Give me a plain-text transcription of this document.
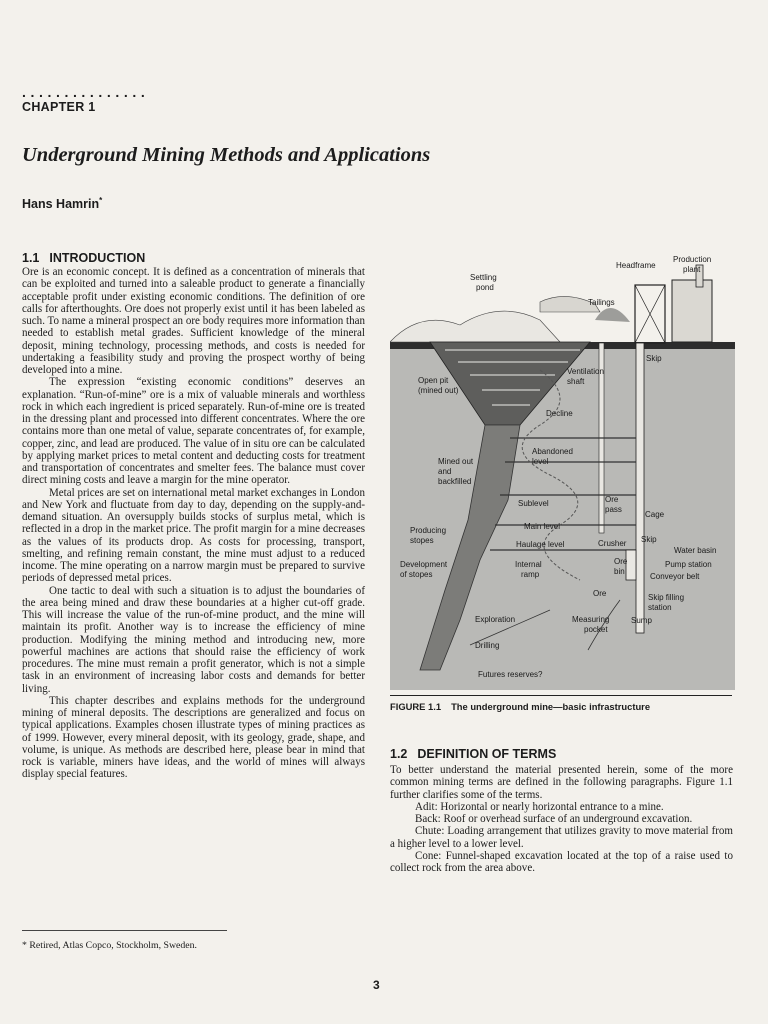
...............
CHAPTER 1
Underground Mining Methods and Applications
Hans Hamrin*
1.1 INTRODUCTION

Ore is an economic concept. It is defined as a concentration of minerals that can be exploited and turned into a saleable product to generate a financially acceptable profit under existing economic conditions. The definition of ore calls for afterthoughts. Ore does not properly exist until it has been labeled as such. To name a mineral prospect an ore body requires more information than needed to establish metal grades. Sufficient knowledge of the mineral deposit, mining technology, processing methods, and costs is needed for undertaking a feasibility study and proving the prospect worthy of being developed into a mine.

The expression “existing economic conditions” deserves an explanation. “Run-of-mine” ore is a mix of valuable minerals and worthless rock in which each ingredient is priced separately. Run-of-mine ore is treated in the dressing plant and processed into different concentrates. Where the ore contains more than one metal of value, separate concentrates of, for example, copper, zinc, and lead are produced. The value of in situ ore can be calculated by applying market prices to metal content and deducting costs for treatment and transportation of concentrates and smelter fees. The balance must cover direct mining costs and leave a margin for the mine operator.

Metal prices are set on international metal market exchanges in London and New York and fluctuate from day to day, depending on the supply-and-demand situation. An oversupply builds stocks of surplus metal, which is reflected in a drop in the market price. The profit margin for a mine decreases as the values of its products drop. As costs for processing, transport, smelting, and refining remain constant, the mine must adjust to a reduced income. The mine operating on a narrow margin must be prepared to survive periods of depressed metal prices.

One tactic to deal with such a situation is to adjust the boundaries of the area being mined and draw these boundaries at a higher cut-off grade. This will increase the value of the run-of-mine product, and the mine will maintain its profit. Another way is to increase the efficiency of mine production. Modifying the mining method and introducing new, more powerful machines are actions that should raise the efficiency of work procedures. The mine must remain a profit generator, which is not a simple task in an environment of increasing labor costs and demands for better living.

This chapter describes and explains methods for the underground mining of mineral deposits. The descriptions are generalized and focus on typical applications. Examples chosen illustrate types of mining practices as of 1999. However, every mineral deposit, with its geology, grade, shape, and volume, is unique. As methods are described here, please bear in mind that rock is variable, miners have ideas, and the world of mines will always display special features.

Headframe
Production
plant
Settling
pond
Tailings
Skip
Ventilation
shaft
Open pit
(mined out)
Decline
Abandoned
level
Mined out
and
backfilled
Sublevel	Ore
pass
Cage
Main level
Producing
stopes	Haulage level	Crusher Skip
Water basin
Development
of stopes
Internal
ramp
Ore
bin
Pump station
Conveyor belt
Ore	Skip filling
station
Exploration	Measuring
pocket
Sump
Drilling
Futures reserves?
FIGURE 1.1 The underground mine—basic infrastructure
1.2 DEFINITION OF TERMS

To better understand the material presented herein, some of the more common mining terms are defined in the following paragraphs. Figure 1.1 further clarifies some of the terms.

Adit: Horizontal or nearly horizontal entrance to a mine.

Back: Roof or overhead surface of an underground excavation.

Chute: Loading arrangement that utilizes gravity to move material from a higher level to a lower level.

Cone: Funnel-shaped excavation located at the top of a raise used to collect rock from the area above.

* Retired, Atlas Copco, Stockholm, Sweden.
3
